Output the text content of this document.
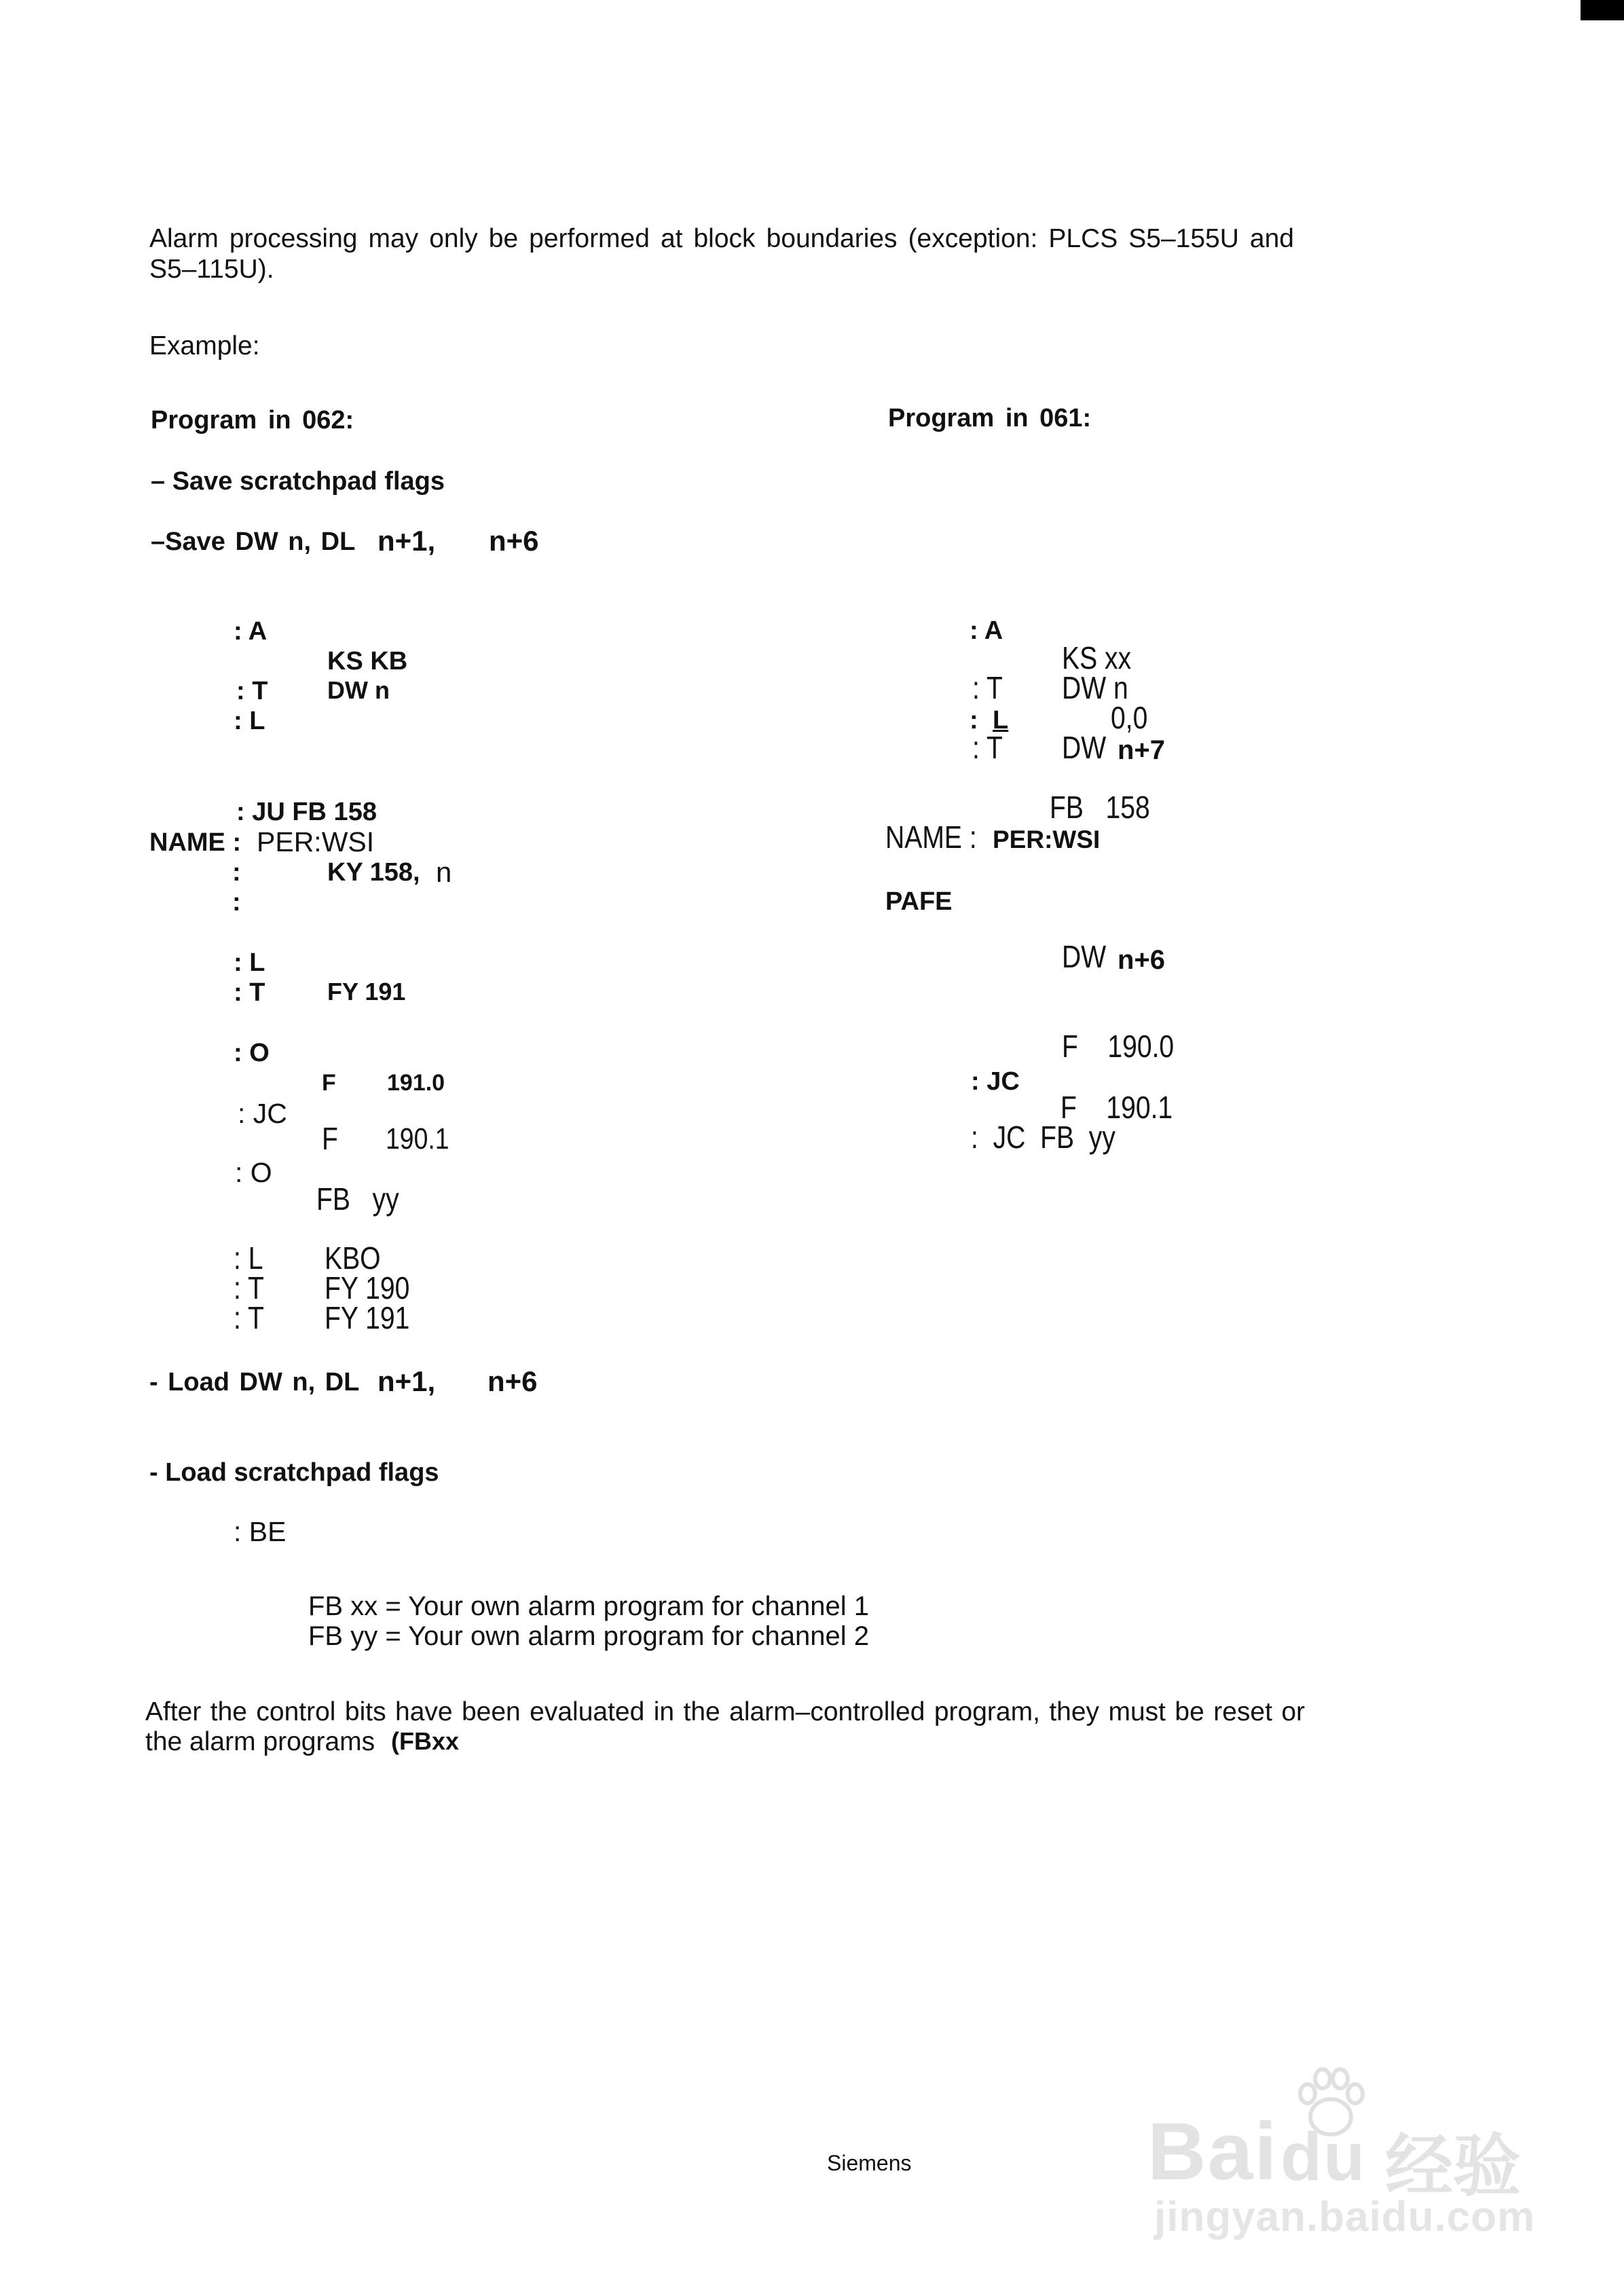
Alarm processing may only be performed at block boundaries (exception: PLCS S5–155U and
S5–115U).
Example:
Program in 062:	Program in 061:
– Save scratchpad flags
–Save DW n, DL n+1, n+6
: A
KS KB
: T DW n
: L
: JU FB 158
NAME : PER:WSI
:	KY 158, n
:
: L
: T	FY 191
: O
F 191.0
: JC
F 190.1
: O
FB   yy
: L KBO
: T FY 190
: T FY 191
- Load DW n, DL n+1, n+6
- Load scratchpad flags
: BE
: A
KS xx
: T DW n
: L	0,0
: T DW n+7
FB   158
NAME : PER:WSI
PAFE
DW n+6
F    190.0
: JC
F    190.1
:  JC  FB  yy
FB xx = Your own alarm program for channel 1
FB yy = Your own alarm program for channel 2
After the control bits have been evaluated in the alarm–controlled program, they must be reset or
the alarm programs (FBxx
Siemens	Bai du 经验
jingyan.baidu.com
